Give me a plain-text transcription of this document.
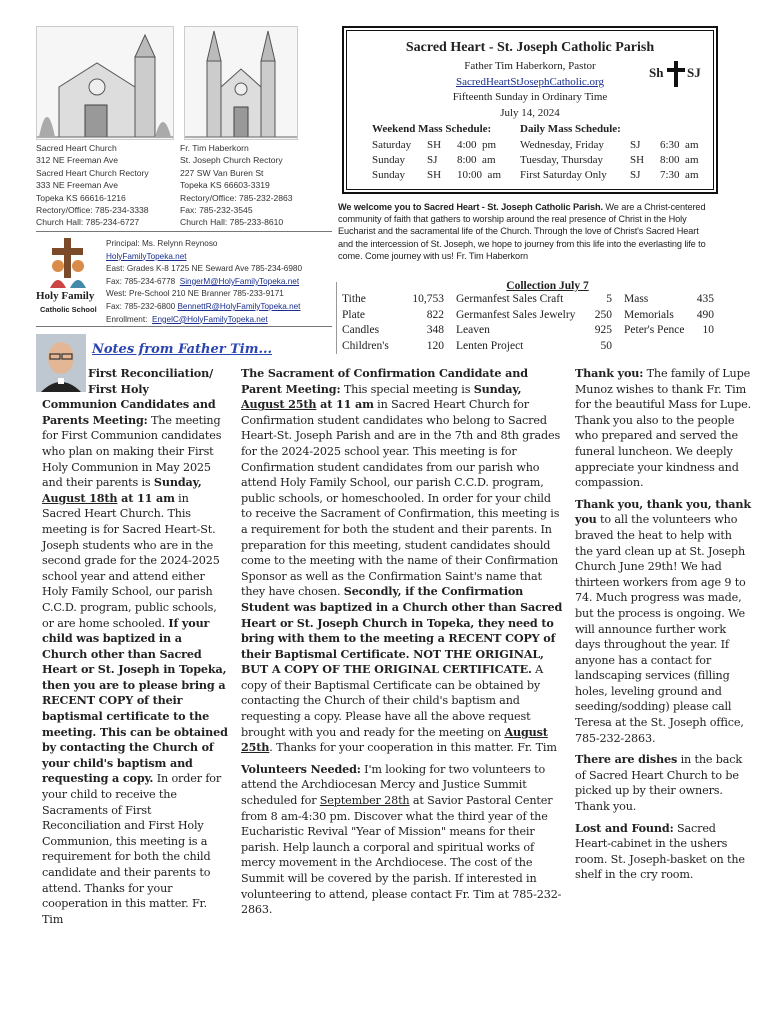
Sacred Heart Church
312 NE Freeman Ave
Sacred Heart Church Rectory
333 NE Freeman Ave
Topeka KS 66616-1216
Rectory/Office: 785-234-3338
Church Hall: 785-234-6727
Fr. Tim Haberkorn
St. Joseph Church Rectory
227 SW Van Buren St
Topeka KS 66603-3319
Rectory/Office: 785-232-2863
Fax: 785-232-3545
Church Hall: 785-233-8610
Sacred Heart - St. Joseph Catholic Parish
Father Tim Haberkorn, Pastor
SacredHeartStJosephCatholic.org
Fifteenth Sunday in Ordinary Time
July 14, 2024
Sh SJ
Weekend Mass Schedule:	Daily Mass Schedule:
Saturday SH 4:00  pm
Sunday SJ 8:00  am
Sunday SH 10:00  am
Wednesday, Friday SJ 6:30  am
Tuesday, Thursday SH 8:00  am
First Saturday Only SJ 7:30  am
We welcome you to Sacred Heart - St. Joseph Catholic Parish. We are a Christ-centered community of faith that gathers to worship around the real presence of Christ in the Holy Eucharist and the sacramental life of the Church. Through the love of Christ's Sacred Heart and the intercession of St. Joseph, we hope to journey from this life into the everlasting life to come. Come journey with us! Fr. Tim Haberkorn
Holy Family
Catholic School
Principal: Ms. Relynn Reynoso
HolyFamilyTopeka.net
East: Grades K-8 1725 NE Seward Ave 785-234-6980
Fax: 785-234-6778 SingerM@HolyFamilyTopeka.net
West: Pre-School 210 NE Branner 785-233-9171
Fax: 785-232-6800 BennettR@HolyFamilyTopeka.net
Enrollment: EngelC@HolyFamilyTopeka.net
Collection July 7
Tithe	10,753	Germanfest Sales Craft	5	Mass	435
Plate	822	Germanfest Sales Jewelry	250	Memorials	490
Candles	348	Leaven	925	Peter's Pence	10
Children's	120	Lenten Project	50		
Notes from Father Tim...
First Reconciliation/
First Holy
Communion Candidates and Parents Meeting: The meeting for First Communion candidates who plan on making their First Holy Communion in May 2025 and their parents is Sunday, August 18th at 11 am in Sacred Heart Church. This meeting is for Sacred Heart-St. Joseph students who are in the second grade for the 2024-2025 school year and attend either Holy Family School, our parish C.C.D. program, public schools, or are home schooled. If your child was baptized in a Church other than Sacred Heart or St. Joseph in Topeka, then you are to please bring a RECENT COPY of their baptismal certificate to the meeting. This can be obtained by contacting the Church of your child's baptism and requesting a copy. In order for your child to receive the Sacraments of First Reconciliation and First Holy Communion, this meeting is a requirement for both the child candidate and their parents to attend. Thanks for your cooperation in this matter. Fr. Tim
The Sacrament of Confirmation Candidate and Parent Meeting: This special meeting is Sunday, August 25th at 11 am in Sacred Heart Church for Confirmation student candidates who belong to Sacred Heart-St. Joseph Parish and are in the 7th and 8th grades for the 2024-2025 school year. This meeting is for Confirmation student candidates from our parish who attend Holy Family School, our parish C.C.D. program, public schools, or homeschooled. In order for your child to receive the Sacrament of Confirmation, this meeting is a requirement for both the student and their parents. In preparation for this meeting, student candidates should come to the meeting with the name of their Confirmation Sponsor as well as the Confirmation Saint's name that they have chosen. Secondly, if the Confirmation Student was baptized in a Church other than Sacred Heart or St. Joseph Church in Topeka, they need to bring with them to the meeting a RECENT COPY of their Baptismal Certificate. NOT THE ORIGINAL, BUT A COPY OF THE ORIGINAL CERTIFICATE. A copy of their Baptismal Certificate can be obtained by contacting the Church of their child's baptism and requesting a copy. Please have all the above request brought with you and ready for the meeting on August 25th. Thanks for your cooperation in this matter. Fr. Tim
Volunteers Needed: I'm looking for two volunteers to attend the Archdiocesan Mercy and Justice Summit scheduled for September 28th at Savior Pastoral Center from 8 am-4:30 pm. Discover what the third year of the Eucharistic Revival "Year of Mission" means for their parish. Help launch a corporal and spiritual works of mercy movement in the Archdiocese. The cost of the Summit will be covered by the parish. If interested in volunteering to attend, please contact Fr. Tim at 785-232-2863.
Thank you: The family of Lupe Munoz wishes to thank Fr. Tim for the beautiful Mass for Lupe. Thank you also to the people who prepared and served the funeral luncheon. We deeply appreciate your kindness and compassion.
Thank you, thank you, thank you to all the volunteers who braved the heat to help with the yard clean up at St. Joseph Church June 29th! We had thirteen workers from age 9 to 74. Much progress was made, but the process is ongoing. We will announce further work days throughout the year. If anyone has a contact for landscaping services (filling holes, leveling ground and seeding/sodding) please call Teresa at the St. Joseph office, 785-232-2863.
There are dishes in the back of Sacred Heart Church to be picked up by their owners. Thank you.
Lost and Found: Sacred Heart-cabinet in the ushers room. St. Joseph-basket on the shelf in the cry room.
